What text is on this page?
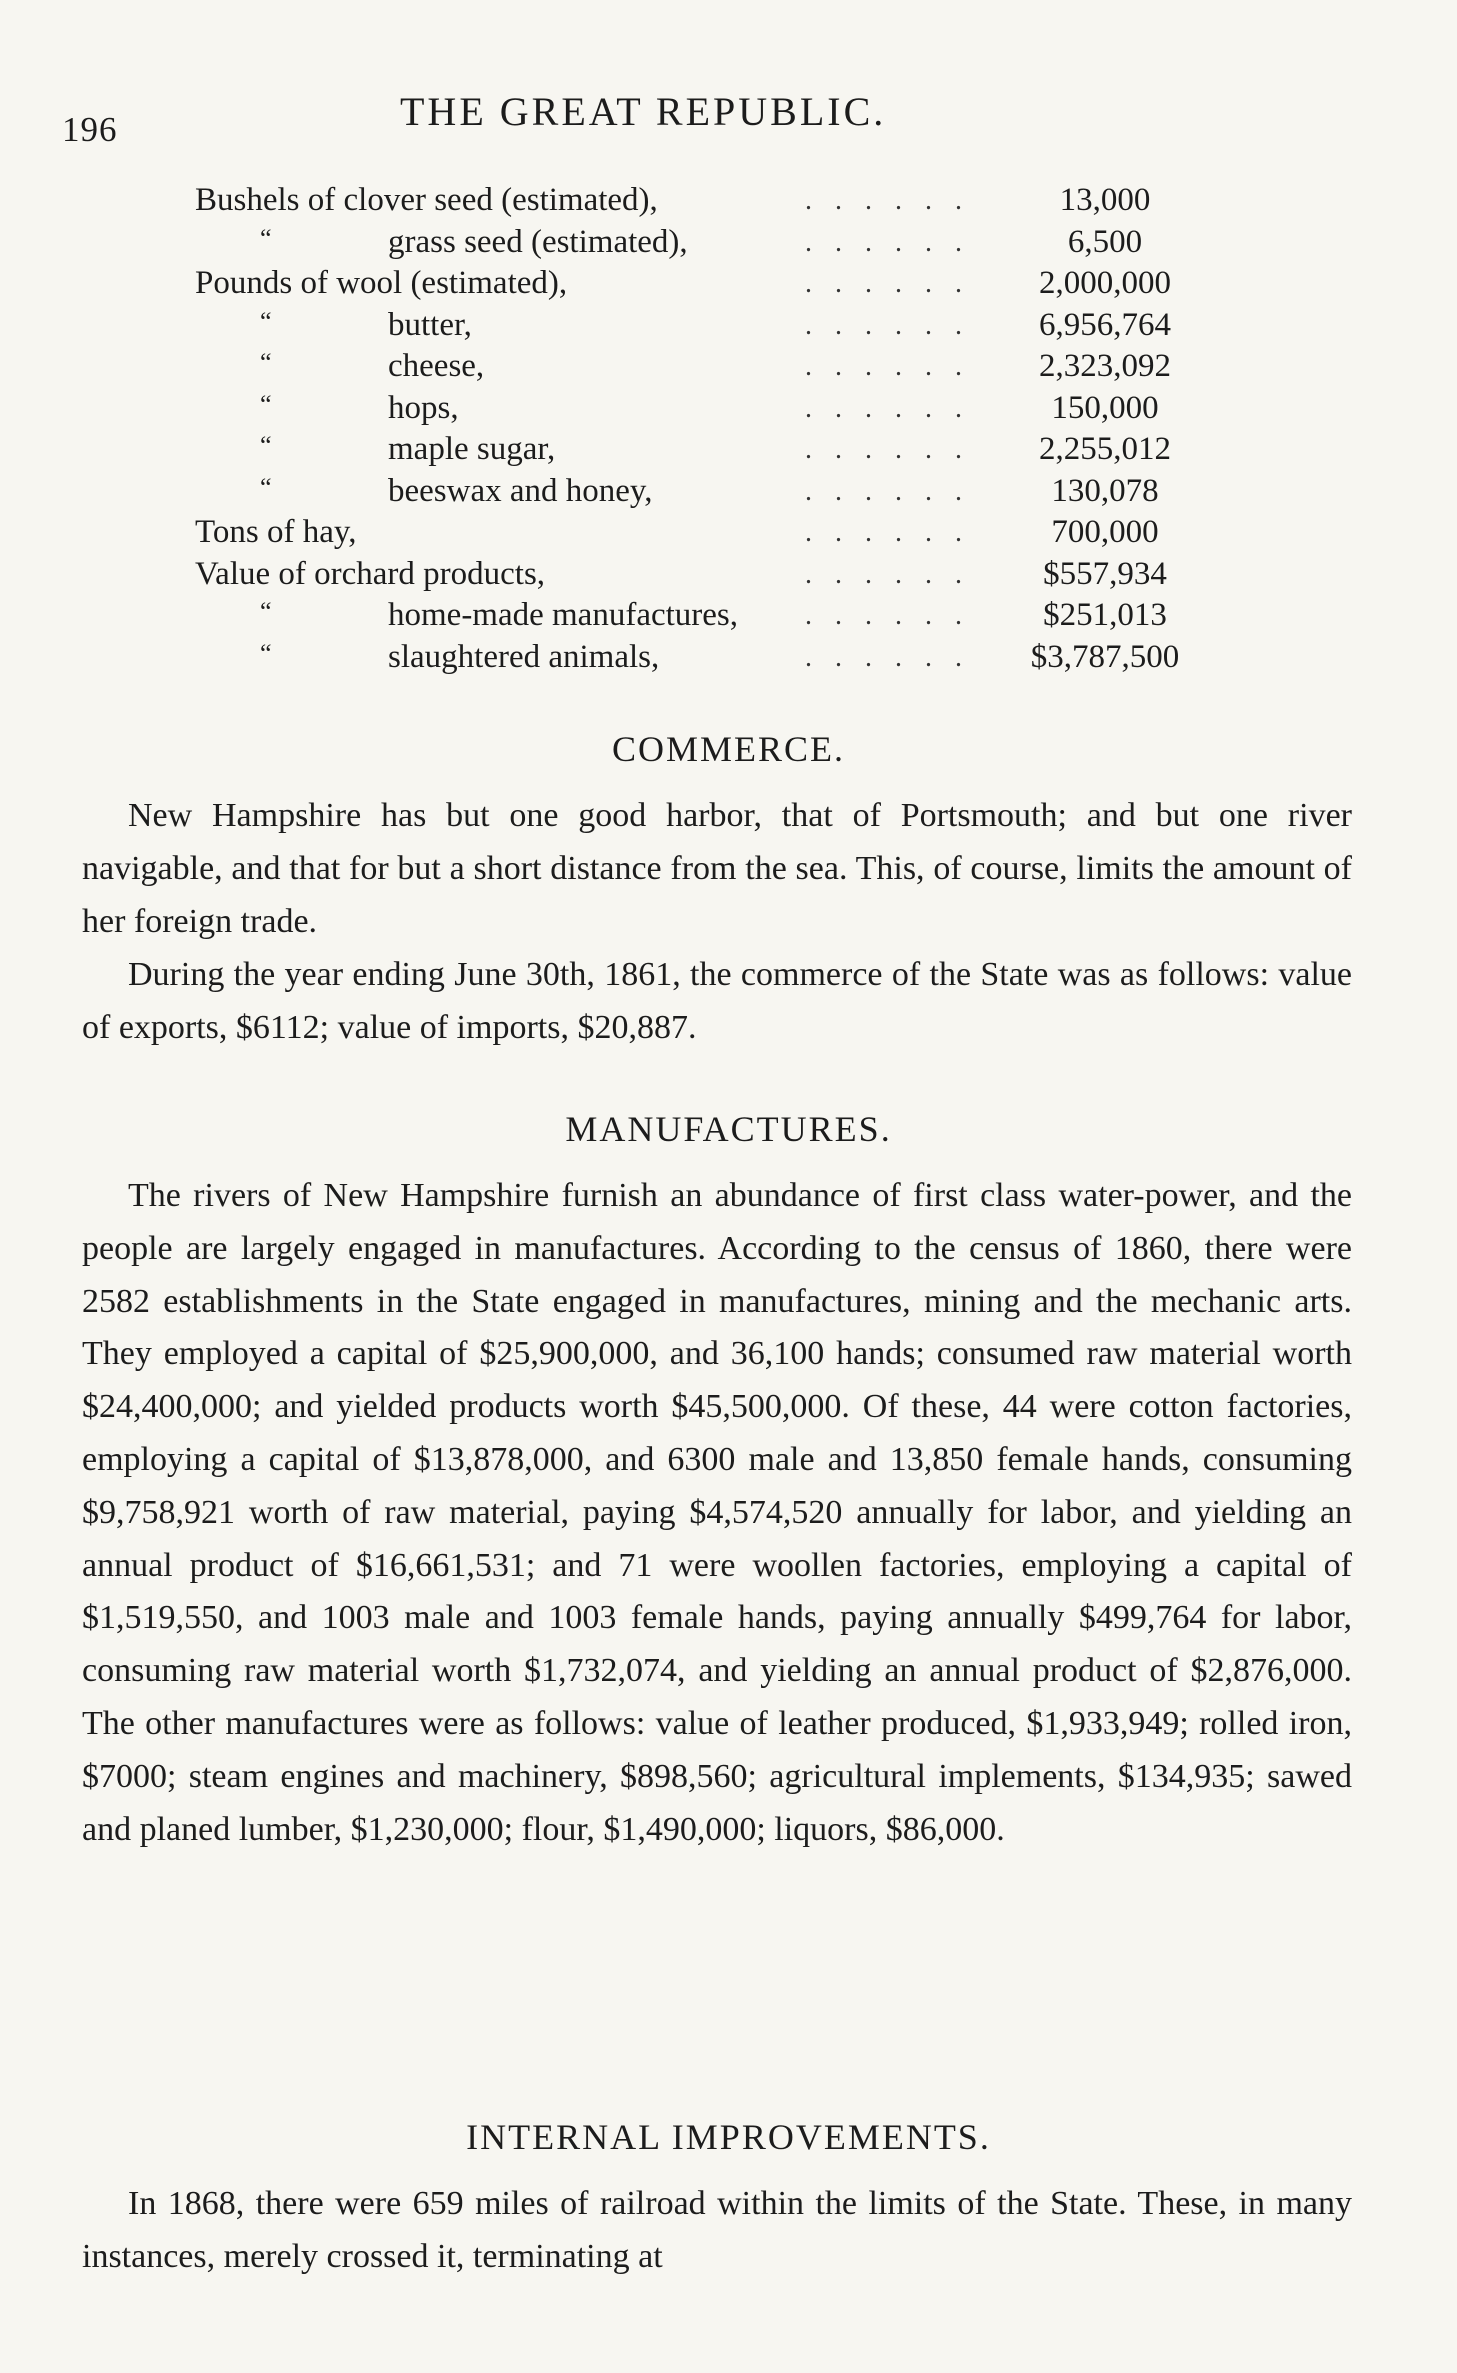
196	THE GREAT REPUBLIC.
Bushels of clover seed (estimated),	. . . . . .	13,000
“	grass seed (estimated),	. . . . . .	6,500
Pounds of wool (estimated),	. . . . . .	2,000,000
“	butter,	. . . . . .	6,956,764
“	cheese,	. . . . . .	2,323,092
“	hops,	. . . . . .	150,000
“	maple sugar,	. . . . . .	2,255,012
“	beeswax and honey,	. . . . . .	130,078
Tons of hay,	. . . . . .	700,000
Value of orchard products,	. . . . . .	$557,934
“	home-made manufactures, . . . . . .	$251,013
“	slaughtered animals,	. . . . . .	$3,787,500
COMMERCE.

New Hampshire has but one good harbor, that of Portsmouth; and but one river navigable, and that for but a short distance from the sea. This, of course, limits the amount of her foreign trade.

During the year ending June 30th, 1861, the commerce of the State was as follows: value of exports, $6112; value of imports, $20,887.

MANUFACTURES.

The rivers of New Hampshire furnish an abundance of first class water-power, and the people are largely engaged in manufactures. According to the census of 1860, there were 2582 establishments in the State engaged in manufactures, mining and the mechanic arts. They employed a capital of $25,900,000, and 36,100 hands; consumed raw material worth $24,400,000; and yielded products worth $45,500,000. Of these, 44 were cotton factories, employing a capital of $13,878,000, and 6300 male and 13,850 female hands, consuming $9,758,921 worth of raw material, paying $4,574,520 annually for labor, and yielding an annual product of $16,661,531; and 71 were woollen factories, employing a capital of $1,519,550, and 1003 male and 1003 female hands, paying annually $499,764 for labor, consuming raw material worth $1,732,074, and yielding an annual product of $2,876,000. The other manufactures were as follows: value of leather produced, $1,933,949; rolled iron, $7000; steam engines and machinery, $898,560; agricultural implements, $134,935; sawed and planed lumber, $1,230,000; flour, $1,490,000; liquors, $86,000.

INTERNAL IMPROVEMENTS.

In 1868, there were 659 miles of railroad within the limits of the State. These, in many instances, merely crossed it, terminating at
